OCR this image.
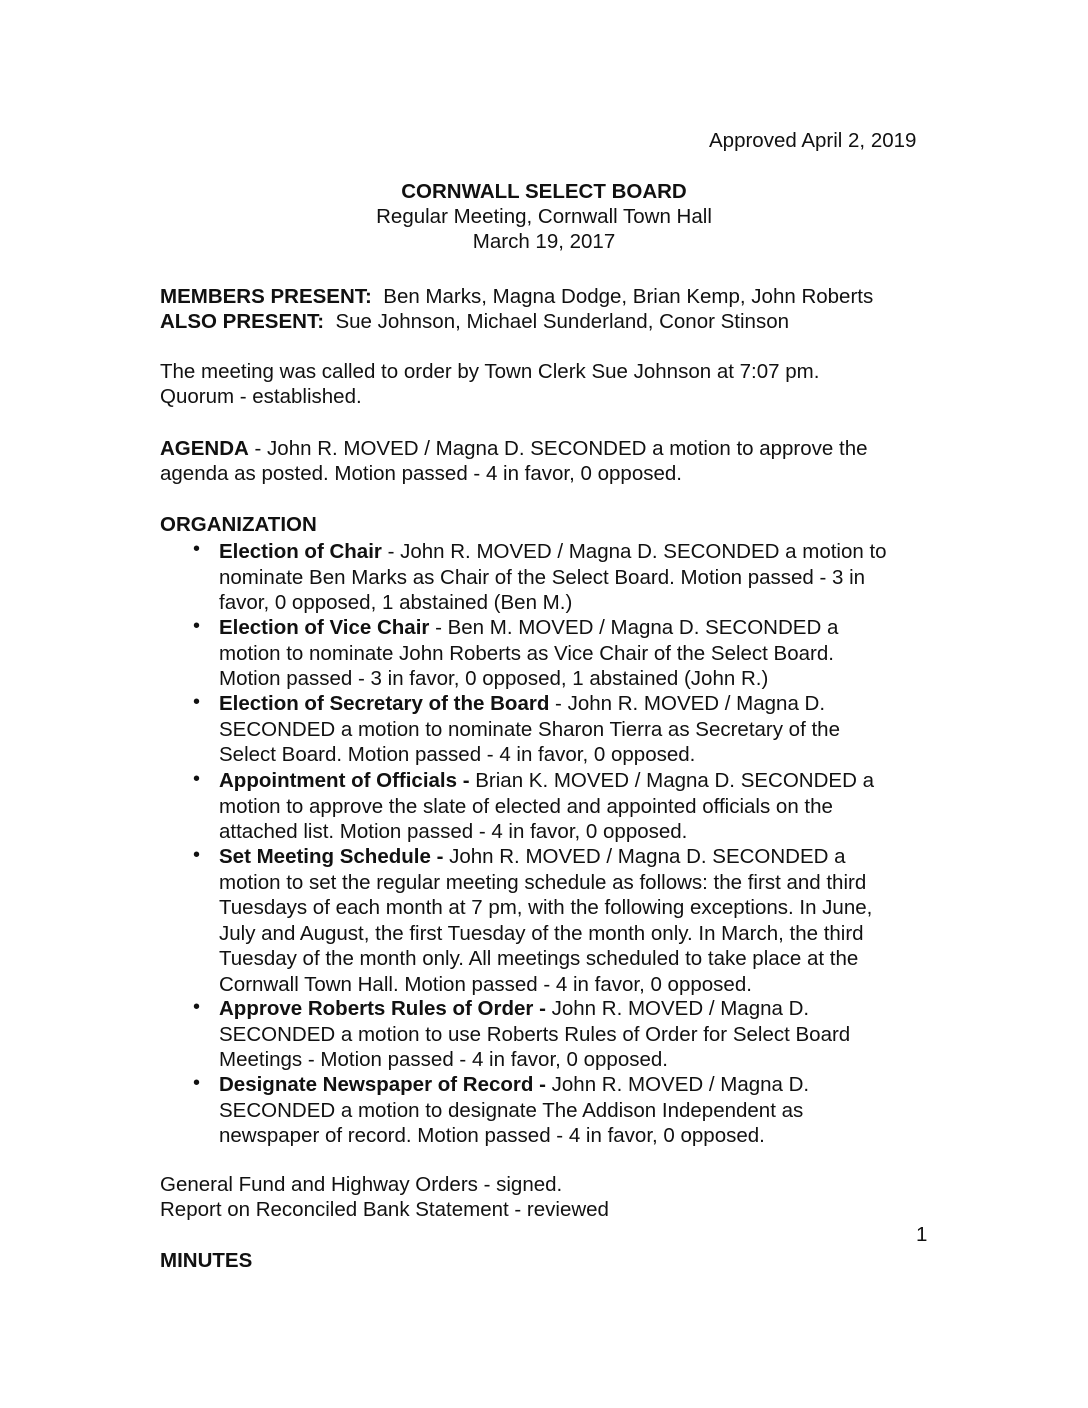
Approved April 2, 2019
CORNWALL SELECT BOARD
Regular Meeting, Cornwall Town Hall
March 19, 2017
MEMBERS PRESENT: Ben Marks, Magna Dodge, Brian Kemp, John Roberts
ALSO PRESENT: Sue Johnson, Michael Sunderland, Conor Stinson
The meeting was called to order by Town Clerk Sue Johnson at 7:07 pm.
Quorum - established.
AGENDA - John R. MOVED / Magna D. SECONDED a motion to approve the
agenda as posted. Motion passed - 4 in favor, 0 opposed.
ORGANIZATION
• Election of Chair - John R. MOVED / Magna D. SECONDED a motion to
nominate Ben Marks as Chair of the Select Board. Motion passed - 3 in
favor, 0 opposed, 1 abstained (Ben M.)
• Election of Vice Chair - Ben M. MOVED / Magna D. SECONDED a
motion to nominate John Roberts as Vice Chair of the Select Board.
Motion passed - 3 in favor, 0 opposed, 1 abstained (John R.)
• Election of Secretary of the Board - John R. MOVED / Magna D.
SECONDED a motion to nominate Sharon Tierra as Secretary of the
Select Board. Motion passed - 4 in favor, 0 opposed.
• Appointment of Officials - Brian K. MOVED / Magna D. SECONDED a
motion to approve the slate of elected and appointed officials on the
attached list. Motion passed - 4 in favor, 0 opposed.
• Set Meeting Schedule - John R. MOVED / Magna D. SECONDED a
motion to set the regular meeting schedule as follows: the first and third
Tuesdays of each month at 7 pm, with the following exceptions. In June,
July and August, the first Tuesday of the month only. In March, the third
Tuesday of the month only. All meetings scheduled to take place at the
Cornwall Town Hall. Motion passed - 4 in favor, 0 opposed.
• Approve Roberts Rules of Order - John R. MOVED / Magna D.
SECONDED a motion to use Roberts Rules of Order for Select Board
Meetings - Motion passed - 4 in favor, 0 opposed.
• Designate Newspaper of Record - John R. MOVED / Magna D.
SECONDED a motion to designate The Addison Independent as
newspaper of record. Motion passed - 4 in favor, 0 opposed.
General Fund and Highway Orders - signed.
Report on Reconciled Bank Statement - reviewed
1
MINUTES
